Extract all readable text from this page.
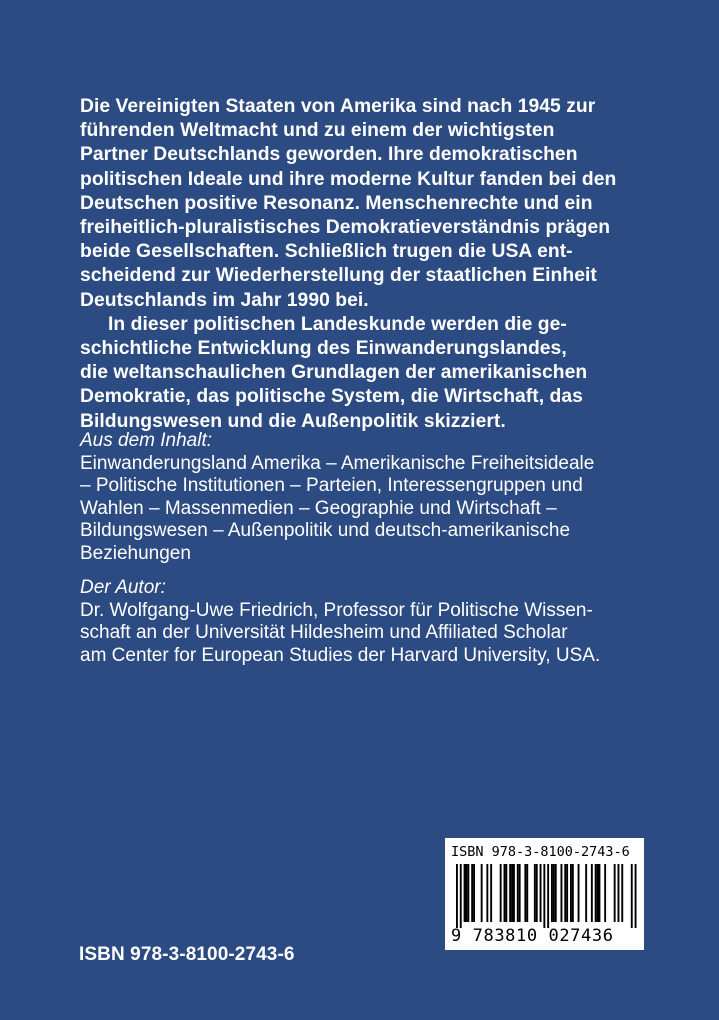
Die Vereinigten Staaten von Amerika sind nach 1945 zur
führenden Weltmacht und zu einem der wichtigsten
Partner Deutschlands geworden. Ihre demokratischen
politischen Ideale und ihre moderne Kultur fanden bei den
Deutschen positive Resonanz. Menschenrechte und ein
freiheitlich-pluralistisches Demokratieverständnis prägen
beide Gesellschaften. Schließlich trugen die USA ent-
scheidend zur Wiederherstellung der staatlichen Einheit
Deutschlands im Jahr 1990 bei.
In dieser politischen Landeskunde werden die ge-
schichtliche Entwicklung des Einwanderungslandes,
die weltanschaulichen Grundlagen der amerikanischen
Demokratie, das politische System, die Wirtschaft, das
Bildungswesen und die Außenpolitik skizziert.
Aus dem Inhalt:
Einwanderungsland Amerika – Amerikanische Freiheitsideale
– Politische Institutionen – Parteien, Interessengruppen und
Wahlen – Massenmedien – Geographie und Wirtschaft –
Bildungswesen – Außenpolitik und deutsch-amerikanische
Beziehungen
Der Autor:
Dr. Wolfgang-Uwe Friedrich, Professor für Politische Wissen-
schaft an der Universität Hildesheim und Affiliated Scholar
am Center for European Studies der Harvard University, USA.
ISBN 978-3-8100-2743-6
9 783810 027436
ISBN 978-3-8100-2743-6
